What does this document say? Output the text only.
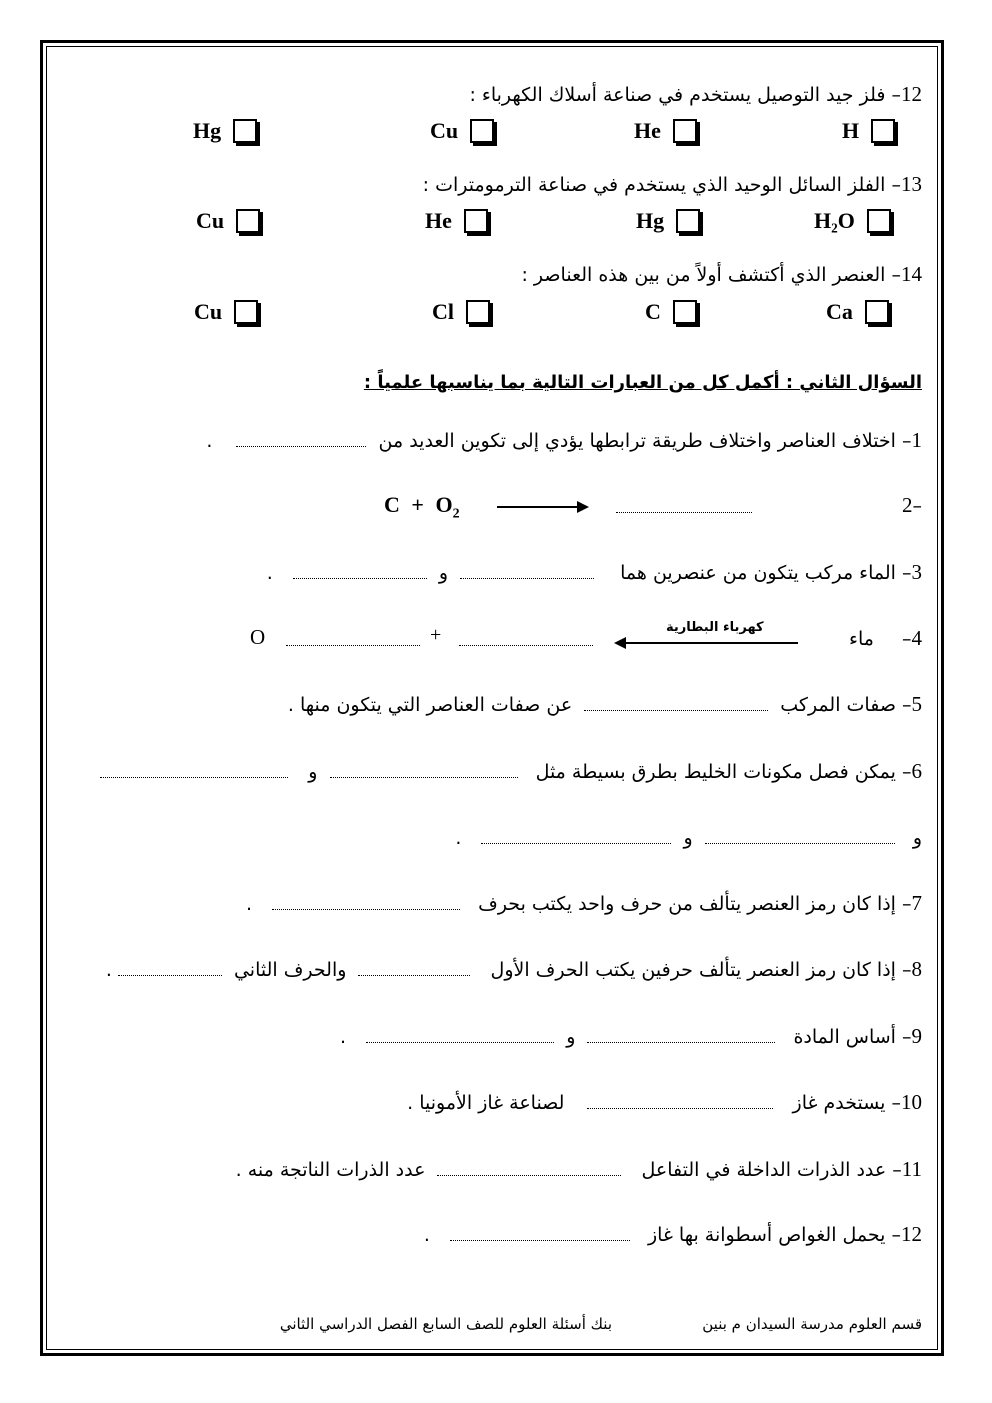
12– فلز جيد التوصيل يستخدم في صناعة أسلاك الكهرباء :
H
He
Cu
Hg
13– الفلز السائل الوحيد الذي يستخدم في صناعة الترمومترات :
H₂O
Hg
He
Cu
14– العنصر الذي أكتشف أولاً من بين هذه العناصر :
Ca
C
Cl
Cu
السؤال الثاني : أكمل كل من العبارات التالية بما يناسبها علمياً :
1– اختلاف العناصر واختلاف طريقة ترابطها يؤدي إلى تكوين العديد من  .
2–
$C + O_2$
3– الماء مركب يتكون من عنصرين هما  و  .
4– ماء
كهرباء البطارية
+
O
5– صفات المركب  عن صفات العناصر التي يتكون منها .
6– يمكن فصل مكونات الخليط بطرق بسيطة مثل  و
و  و  .
7– إذا كان رمز العنصر يتألف من حرف واحد يكتب بحرف  .
8– إذا كان رمز العنصر يتألف حرفين يكتب الحرف الأول  والحرف الثاني .
9– أساس المادة  و  .
10– يستخدم غاز  لصناعة غاز الأمونيا .
11– عدد الذرات الداخلة في التفاعل  عدد الذرات الناتجة منه .
12– يحمل الغواص أسطوانة بها غاز  .
قسم العلوم مدرسة السيدان م بنين
بنك أسئلة العلوم للصف السابع الفصل الدراسي الثاني
